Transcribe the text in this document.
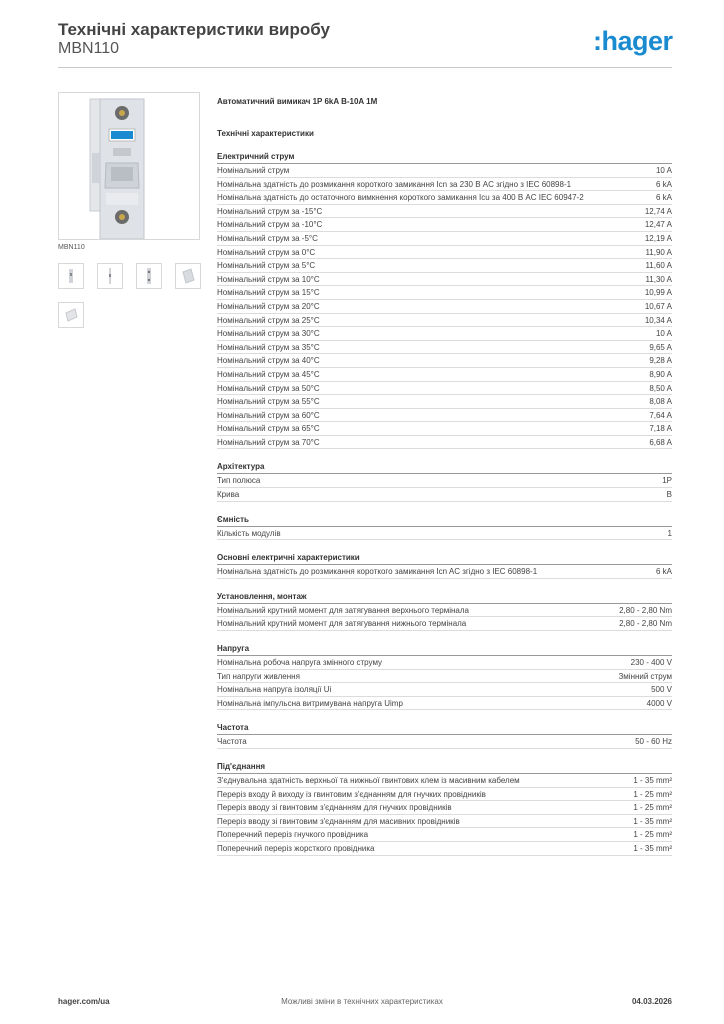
Технічні характеристики виробу
MBN110	:hager
MBN110
Автоматичний вимикач 1P 6kA B-10A 1M
Технічні характеристики
Електричний струм
Номінальний струм	10 A
Номінальна здатність до розмикання короткого замикання Icn за 230 В AC згідно з IEC 60898-1	6 kA
Номінальна здатність до остаточного вимкнення короткого замикання Icu за 400 В AC IEC 60947-2	6 kA
Номінальний струм за -15°C	12,74 A
Номінальний струм за -10°C	12,47 A
Номінальний струм за -5°C	12,19 A
Номінальний струм за 0°C	11,90 A
Номінальний струм за 5°C	11,60 A
Номінальний струм за 10°C	11,30 A
Номінальний струм за 15°C	10,99 A
Номінальний струм за 20°C	10,67 A
Номінальний струм за 25°C	10,34 A
Номінальний струм за 30°C	10 A
Номінальний струм за 35°C	9,65 A
Номінальний струм за 40°C	9,28 A
Номінальний струм за 45°C	8,90 A
Номінальний струм за 50°C	8,50 A
Номінальний струм за 55°C	8,08 A
Номінальний струм за 60°C	7,64 A
Номінальний струм за 65°C	7,18 A
Номінальний струм за 70°C	6,68 A
Архітектура
Тип полюса	1P
Крива	B
Ємність
Кількість модулів	1
Основні електричні характеристики
Номінальна здатність до розмикання короткого замикання Icn AC згідно з IEC 60898-1	6 kA
Установлення, монтаж
Номінальний крутний момент для затягування верхнього термінала	2,80 - 2,80 Nm
Номінальний крутний момент для затягування нижнього термінала	2,80 - 2,80 Nm
Напруга
Номінальна робоча напруга змінного струму	230 - 400 V
Тип напруги живлення	Змінний струм
Номінальна напруга ізоляції Ui	500 V
Номінальна імпульсна витримувана напруга Uimp	4000 V
Частота
Частота	50 - 60 Hz
Під'єднання
З'єднувальна здатність верхньої та нижньої гвинтових клем із масивним кабелем	1 - 35 mm²
Переріз входу й виходу із гвинтовим з'єднанням для гнучких провідників	1 - 25 mm²
Переріз вводу зі гвинтовим з'єднанням для гнучких провідників	1 - 25 mm²
Переріз вводу зі гвинтовим з'єднанням для масивних провідників	1 - 35 mm²
Поперечний переріз гнучкого провідника	1 - 25 mm²
Поперечний переріз жорсткого провідника	1 - 35 mm²
hager.com/ua	Можливі зміни в технічних характеристиках	04.03.2026
